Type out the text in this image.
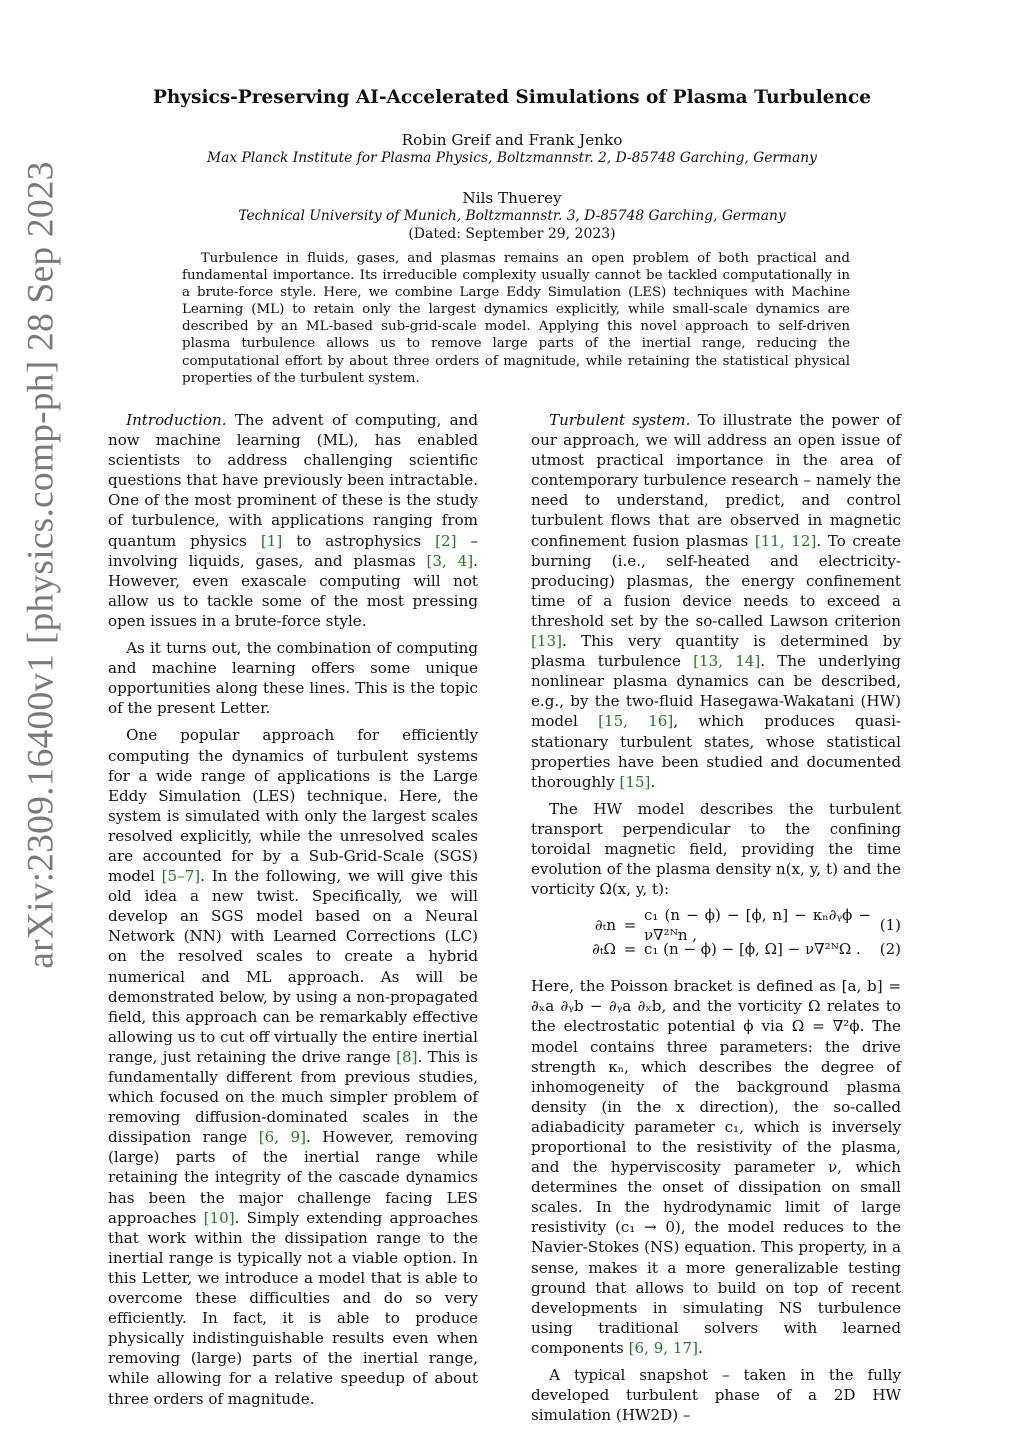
arXiv:2309.16400v1 [physics.comp-ph] 28 Sep 2023
Physics-Preserving AI-Accelerated Simulations of Plasma Turbulence
Robin Greif and Frank Jenko
Max Planck Institute for Plasma Physics, Boltzmannstr. 2, D-85748 Garching, Germany
Nils Thuerey
Technical University of Munich, Boltzmannstr. 3, D-85748 Garching, Germany
(Dated: September 29, 2023)
Turbulence in fluids, gases, and plasmas remains an open problem of both practical and fundamental importance. Its irreducible complexity usually cannot be tackled computationally in a brute-force style. Here, we combine Large Eddy Simulation (LES) techniques with Machine Learning (ML) to retain only the largest dynamics explicitly, while small-scale dynamics are described by an ML-based sub-grid-scale model. Applying this novel approach to self-driven plasma turbulence allows us to remove large parts of the inertial range, reducing the computational effort by about three orders of magnitude, while retaining the statistical physical properties of the turbulent system.

Introduction. The advent of computing, and now machine learning (ML), has enabled scientists to address challenging scientific questions that have previously been intractable. One of the most prominent of these is the study of turbulence, with applications ranging from quantum physics [1] to astrophysics [2] – involving liquids, gases, and plasmas [3, 4]. However, even exascale computing will not allow us to tackle some of the most pressing open issues in a brute-force style.

As it turns out, the combination of computing and machine learning offers some unique opportunities along these lines. This is the topic of the present Letter.

One popular approach for efficiently computing the dynamics of turbulent systems for a wide range of applications is the Large Eddy Simulation (LES) technique. Here, the system is simulated with only the largest scales resolved explicitly, while the unresolved scales are accounted for by a Sub-Grid-Scale (SGS) model [5–7]. In the following, we will give this old idea a new twist. Specifically, we will develop an SGS model based on a Neural Network (NN) with Learned Corrections (LC) on the resolved scales to create a hybrid numerical and ML approach. As will be demonstrated below, by using a non-propagated field, this approach can be remarkably effective allowing us to cut off virtually the entire inertial range, just retaining the drive range [8]. This is fundamentally different from previous studies, which focused on the much simpler problem of removing diffusion-dominated scales in the dissipation range [6, 9]. However, removing (large) parts of the inertial range while retaining the integrity of the cascade dynamics has been the major challenge facing LES approaches [10]. Simply extending approaches that work within the dissipation range to the inertial range is typically not a viable option. In this Letter, we introduce a model that is able to overcome these difficulties and do so very efficiently. In fact, it is able to produce physically indistinguishable results even when removing (large) parts of the inertial range, while allowing for a relative speedup of about three orders of magnitude.

Turbulent system. To illustrate the power of our approach, we will address an open issue of utmost practical importance in the area of contemporary turbulence research – namely the need to understand, predict, and control turbulent flows that are observed in magnetic confinement fusion plasmas [11, 12]. To create burning (i.e., self-heated and electricity-producing) plasmas, the energy confinement time of a fusion device needs to exceed a threshold set by the so-called Lawson criterion [13]. This very quantity is determined by plasma turbulence [13, 14]. The underlying nonlinear plasma dynamics can be described, e.g., by the two-fluid Hasegawa-Wakatani (HW) model [15, 16], which produces quasi-stationary turbulent states, whose statistical properties have been studied and documented thoroughly [15].

The HW model describes the turbulent transport perpendicular to the confining toroidal magnetic field, providing the time evolution of the plasma density n(x, y, t) and the vorticity Ω(x, y, t):

∂ₜn =
c₁ (n − ϕ) − [ϕ, n] − κₙ∂ᵧϕ − ν∇²ᴺn ,
(1)
∂ₜΩ = c₁ (n − ϕ) − [ϕ, Ω] − ν∇²ᴺΩ .	(2)

Here, the Poisson bracket is defined as [a, b] = ∂ₓa ∂ᵧb − ∂ᵧa ∂ₓb, and the vorticity Ω relates to the electrostatic potential ϕ via Ω = ∇²ϕ. The model contains three parameters: the drive strength κₙ, which describes the degree of inhomogeneity of the background plasma density (in the x direction), the so-called adiabadicity parameter c₁, which is inversely proportional to the resistivity of the plasma, and the hyperviscosity parameter ν, which determines the onset of dissipation on small scales. In the hydrodynamic limit of large resistivity (c₁ → 0), the model reduces to the Navier-Stokes (NS) equation. This property, in a sense, makes it a more generalizable testing ground that allows to build on top of recent developments in simulating NS turbulence using traditional solvers with learned components [6, 9, 17].

A typical snapshot – taken in the fully developed turbulent phase of a 2D HW simulation (HW2D) –
